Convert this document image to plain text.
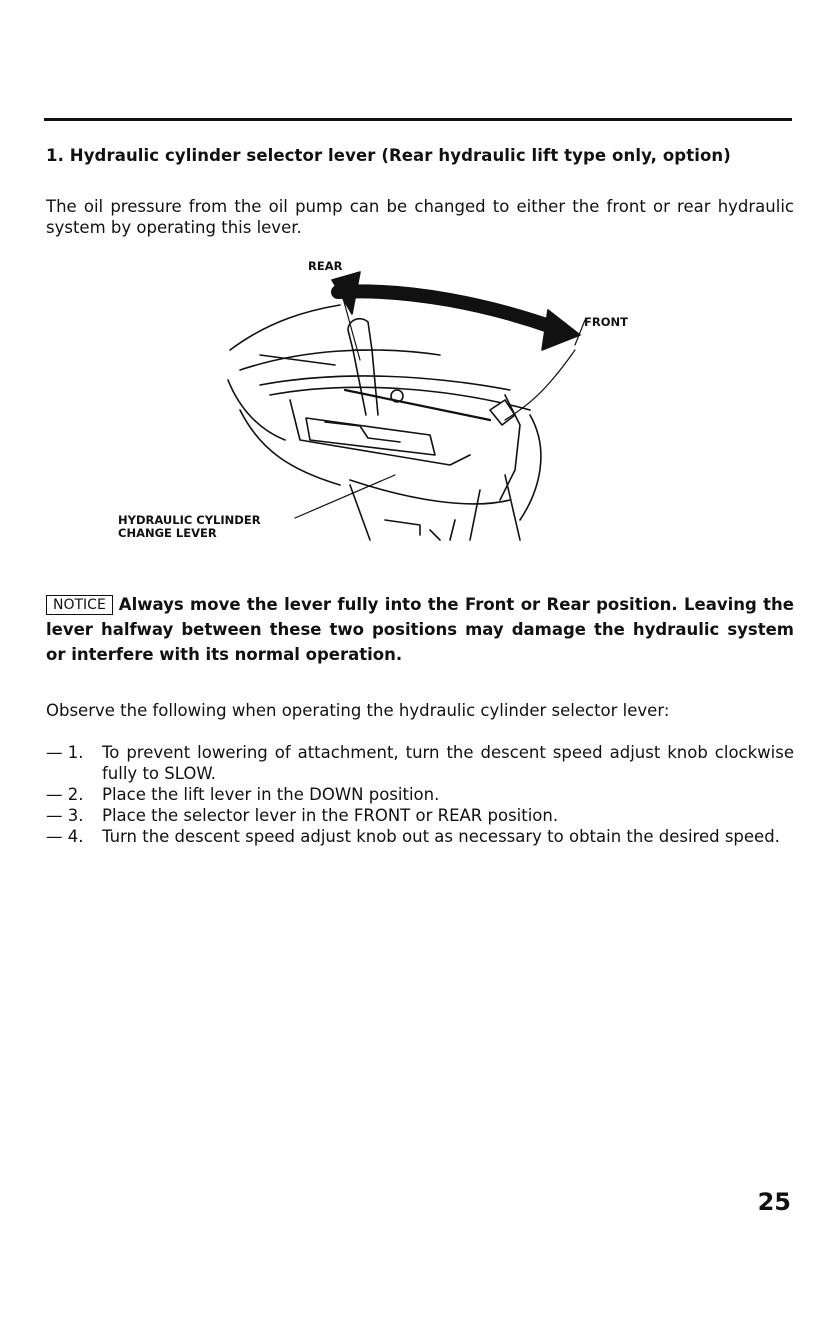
1. Hydraulic cylinder selector lever (Rear hydraulic lift type only, option)
The oil pressure from the oil pump can be changed to either the front or rear hydraulic system by operating this lever.
REAR
FRONT
HYDRAULIC CYLINDER
CHANGE LEVER
NOTICE Always move the lever fully into the Front or Rear position. Leaving the lever halfway between these two positions may damage the hydraulic system or interfere with its normal operation.
Observe the following when operating the hydraulic cylinder selector lever:
— 1.	To prevent lowering of attachment, turn the descent speed adjust knob clockwise fully to SLOW.
— 2.	Place the lift lever in the DOWN position.
— 3.	Place the selector lever in the FRONT or REAR position.
— 4.	Turn the descent speed adjust knob out as necessary to obtain the desired speed.
25
